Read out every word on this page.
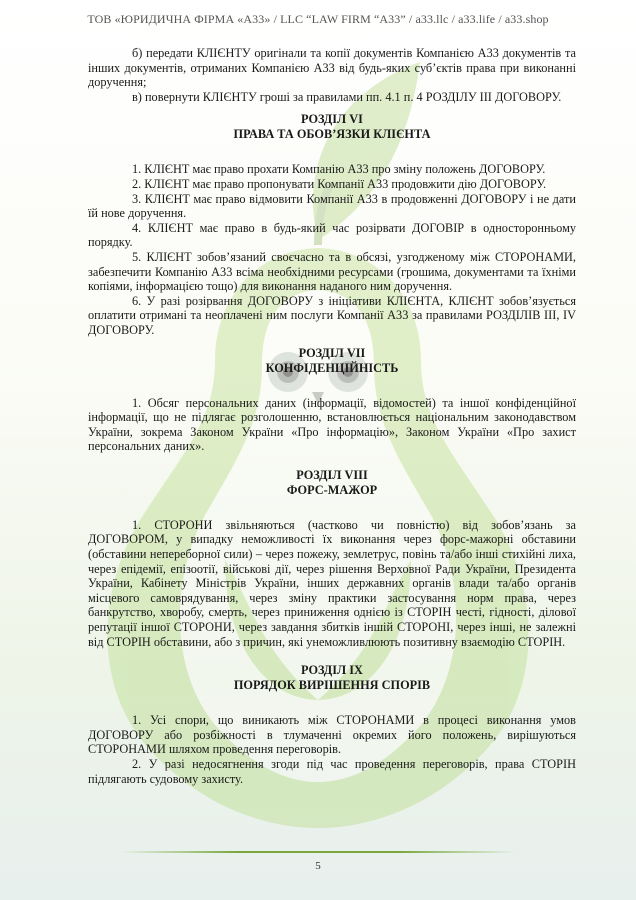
ТОВ «ЮРИДИЧНА ФІРМА «А33» / LLC “LAW FIRM “A33” / a33.llc / a33.life / a33.shop

б) передати КЛІЄНТУ оригінали та копії документів Компанією А33 документів та інших документів, отриманих Компанією А33 від будь-яких суб’єктів права при виконанні доручення;

в) повернути КЛІЄНТУ гроші за правилами пп. 4.1 п. 4 РОЗДІЛУ ІІІ ДОГОВОРУ.

РОЗДІЛ VI

ПРАВА ТА ОБОВ’ЯЗКИ КЛІЄНТА

1. КЛІЄНТ має право прохати Компанію А33 про зміну положень ДОГОВОРУ.

2. КЛІЄНТ має право пропонувати Компанії А33 продовжити дію ДОГОВОРУ.

3. КЛІЄНТ має право відмовити Компанії А33 в продовженні ДОГОВОРУ і не дати їй нове доручення.

4. КЛІЄНТ має право в будь-який час розірвати ДОГОВІР в односторонньому порядку.

5. КЛІЄНТ зобов’язаний своєчасно та в обсязі, узгодженому між СТОРОНАМИ, забезпечити Компанію А33 всіма необхідними ресурсами (грошима, документами та їхніми копіями, інформацією тощо) для виконання наданого ним доручення.

6. У разі розірвання ДОГОВОРУ з ініціативи КЛІЄНТА, КЛІЄНТ зобов’язується оплатити отримані та неоплачені ним послуги Компанії А33 за правилами РОЗДІЛІВ ІІІ, IV ДОГОВОРУ.

РОЗДІЛ VII

КОНФІДЕНЦІЙНІСТЬ

1. Обсяг персональних даних (інформації, відомостей) та іншої конфіденційної інформації, що не підлягає розголошенню, встановлюється національним законодавством України, зокрема Законом України «Про інформацію», Законом України «Про захист персональних даних».

РОЗДІЛ VIII

ФОРС-МАЖОР

1. СТОРОНИ звільняються (частково чи повністю) від зобов’язань за ДОГОВОРОМ, у випадку неможливості їх виконання через форс-мажорні обставини (обставини непереборної сили) – через пожежу, землетрус, повінь та/або інші стихійні лиха, через епідемії, епізоотії, військові дії, через рішення Верховної Ради України, Президента України, Кабінету Міністрів України, інших державних органів влади та/або органів місцевого самоврядування, через зміну практики застосування норм права, через банкрутство, хворобу, смерть, через приниження однією із СТОРІН честі, гідності, ділової репутації іншої СТОРОНИ, через завдання збитків іншій СТОРОНІ, через інші, не залежні від СТОРІН обставини, або з причин, які унеможливлюють позитивну взаємодію СТОРІН.

РОЗДІЛ IX

ПОРЯДОК ВИРІШЕННЯ СПОРІВ

1. Усі спори, що виникають між СТОРОНАМИ в процесі виконання умов ДОГОВОРУ або розбіжності в тлумаченні окремих його положень, вирішуються СТОРОНАМИ шляхом проведення переговорів.

2. У разі недосягнення згоди під час проведення переговорів, права СТОРІН підлягають судовому захисту.

5
